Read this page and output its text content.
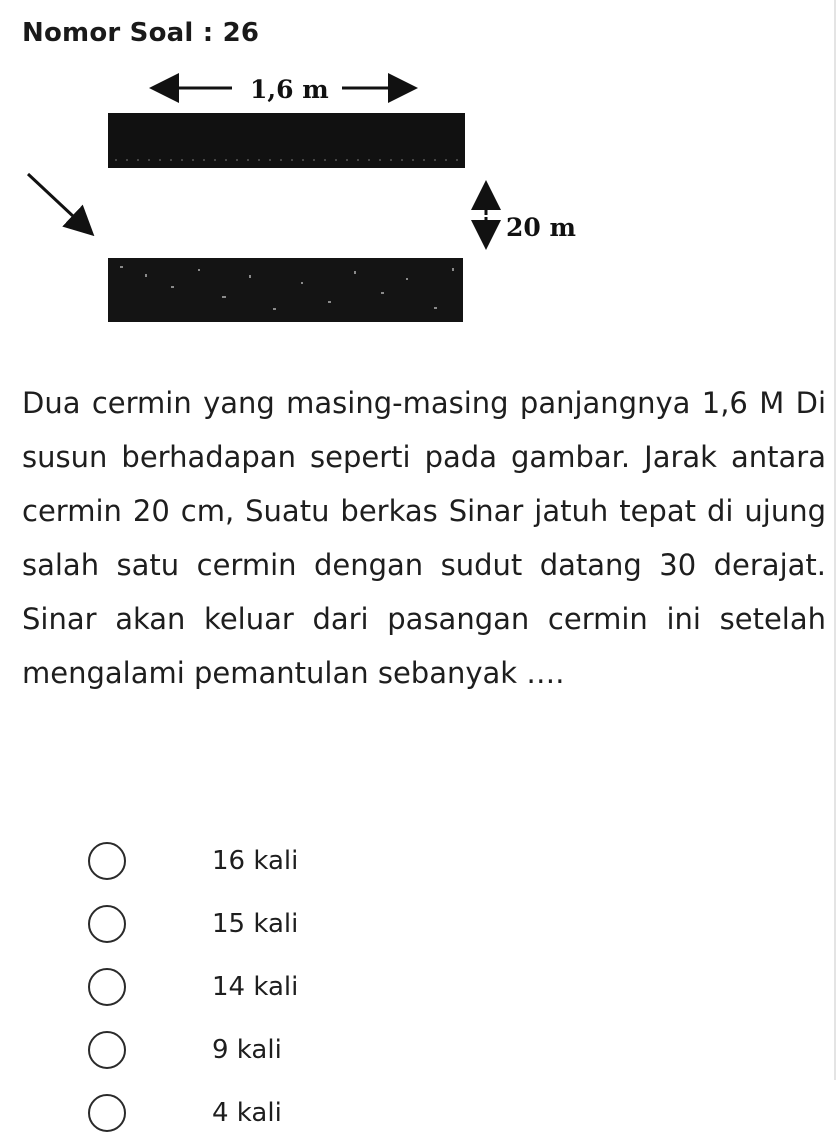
Nomor Soal : 26
1,6 m
20 m
Dua cermin yang masing-masing panjangnya 1,6 M Di susun berhadapan seperti pada gambar. Jarak antara cermin 20 cm, Suatu berkas Sinar jatuh tepat di ujung salah satu cermin dengan sudut datang 30 derajat. Sinar akan keluar dari pasangan cermin ini setelah mengalami pemantulan sebanyak ….
16 kali
15 kali
14 kali
9 kali
4 kali
